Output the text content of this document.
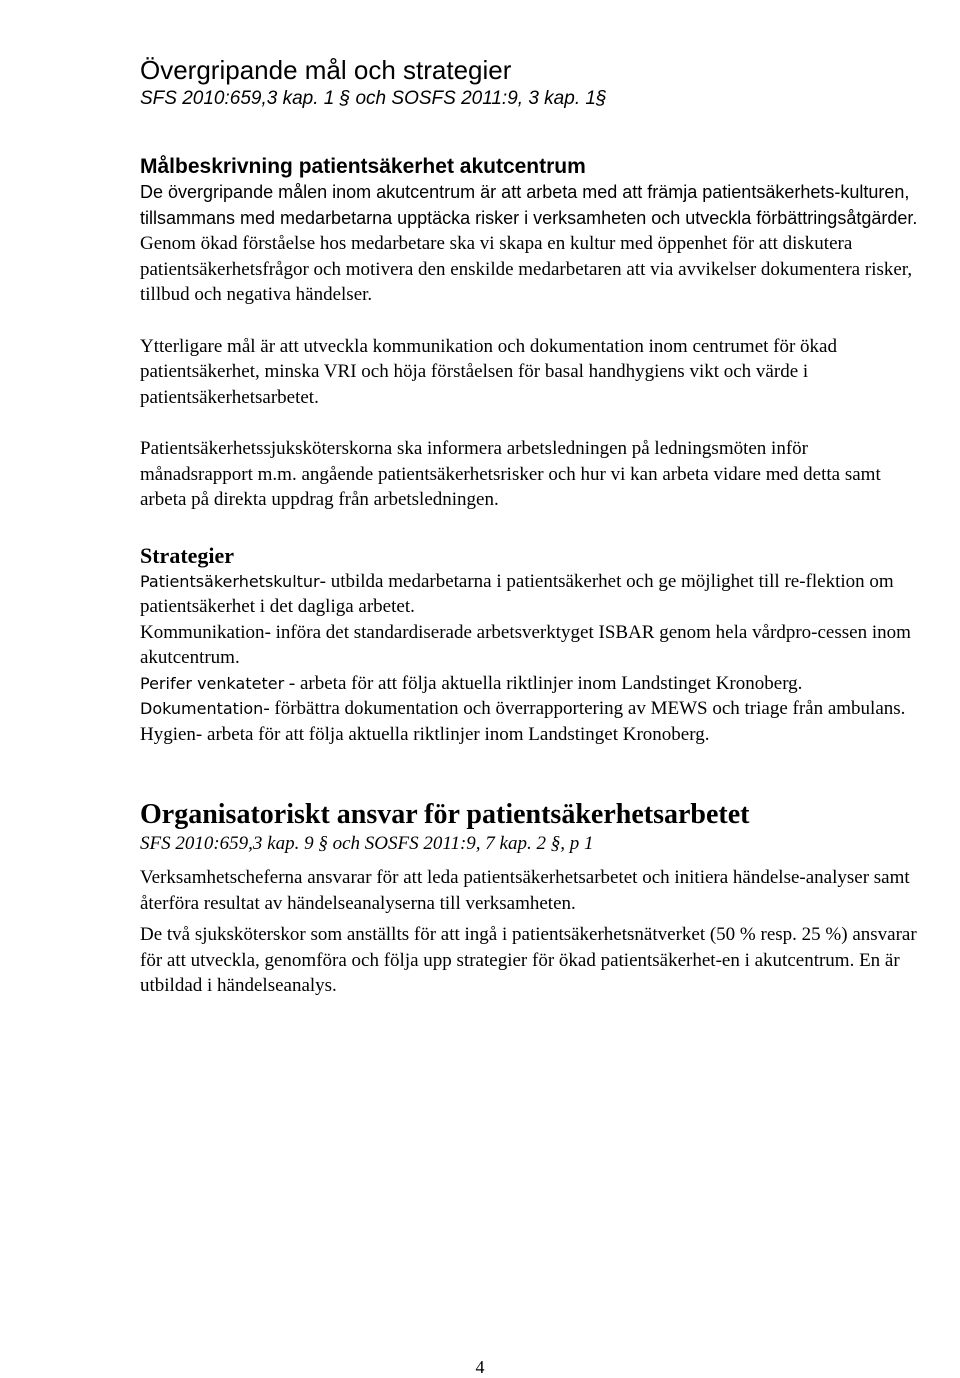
Övergripande mål och strategier

SFS 2010:659,3 kap. 1 § och SOSFS 2011:9, 3 kap. 1§

Målbeskrivning patientsäkerhet akutcentrum

De övergripande målen inom akutcentrum är att arbeta med att främja patientsäkerhets-kulturen, tillsammans med medarbetarna upptäcka risker i verksamheten och utveckla förbättringsåtgärder. Genom ökad förståelse hos medarbetare ska vi skapa en kultur med öppenhet för att diskutera patientsäkerhetsfrågor och motivera den enskilde medarbetaren att via avvikelser dokumentera risker, tillbud och negativa händelser.

Ytterligare mål är att utveckla kommunikation och dokumentation inom centrumet för ökad patientsäkerhet, minska VRI och höja förståelsen för basal handhygiens vikt och värde i patientsäkerhetsarbetet.

Patientsäkerhetssjuksköterskorna ska informera arbetsledningen på ledningsmöten inför månadsrapport m.m. angående patientsäkerhetsrisker och hur vi kan arbeta vidare med detta samt arbeta på direkta uppdrag från arbetsledningen.

Strategier

Patientsäkerhetskultur- utbilda medarbetarna i patientsäkerhet och ge möjlighet till re-flektion om patientsäkerhet i det dagliga arbetet.

Kommunikation- införa det standardiserade arbetsverktyget ISBAR genom hela vårdpro-cessen inom akutcentrum.

Perifer venkateter - arbeta för att följa aktuella riktlinjer inom Landstinget Kronoberg.

Dokumentation- förbättra dokumentation och överrapportering av MEWS och triage från ambulans.

Hygien- arbeta för att följa aktuella riktlinjer inom Landstinget Kronoberg.

Organisatoriskt ansvar för patientsäkerhetsarbetet

SFS 2010:659,3 kap. 9 § och SOSFS 2011:9, 7 kap. 2 §, p 1

Verksamhetscheferna ansvarar för att leda patientsäkerhetsarbetet och initiera händelse-analyser samt återföra resultat av händelseanalyserna till verksamheten.

De två sjuksköterskor som anställts för att ingå i patientsäkerhetsnätverket (50 % resp. 25 %) ansvarar för att utveckla, genomföra och följa upp strategier för ökad patientsäkerhet-en i akutcentrum. En är utbildad i händelseanalys.

4
